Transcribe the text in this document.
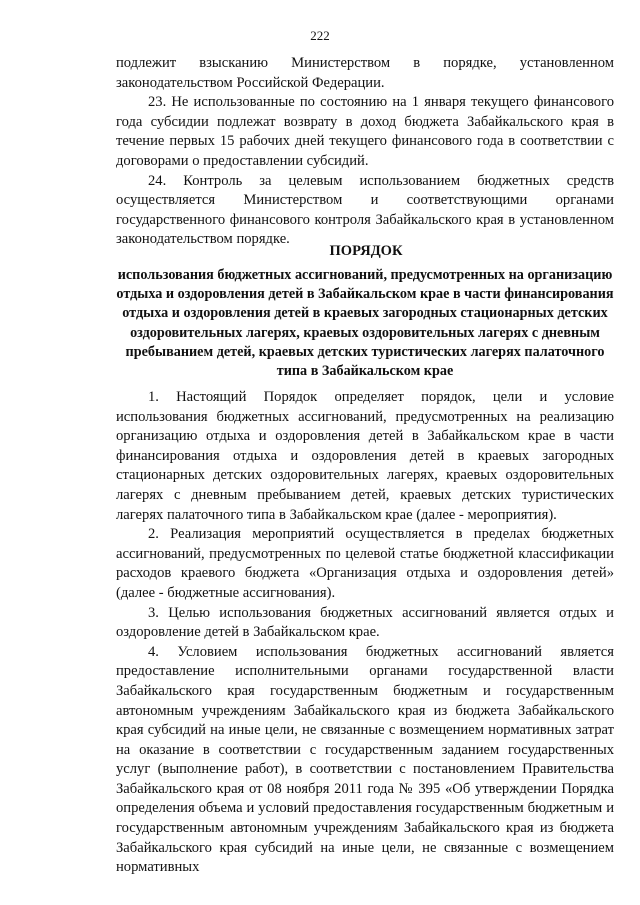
222

подлежит взысканию Министерством в порядке, установленном законодательством Российской Федерации.

23. Не использованные по состоянию на 1 января текущего финансового года субсидии подлежат возврату в доход бюджета Забайкальского края в течение первых 15 рабочих дней текущего финансового года в соответствии с договорами о предоставлении субсидий.

24. Контроль за целевым использованием бюджетных средств осуществляется Министерством и соответствующими органами государственного финансового контроля Забайкальского края в установленном законодательством порядке.

ПОРЯДОК
использования бюджетных ассигнований, предусмотренных на организацию отдыха и оздоровления детей в Забайкальском крае в части финансирования отдыха и оздоровления детей в краевых загородных стационарных детских оздоровительных лагерях, краевых оздоровительных лагерях с дневным пребыванием детей, краевых детских туристических лагерях палаточного типа в Забайкальском крае

1. Настоящий Порядок определяет порядок, цели и условие использования бюджетных ассигнований, предусмотренных на реализацию организацию отдыха и оздоровления детей в Забайкальском крае в части финансирования отдыха и оздоровления детей в краевых загородных стационарных детских оздоровительных лагерях, краевых оздоровительных лагерях с дневным пребыванием детей, краевых детских туристических лагерях палаточного типа в Забайкальском крае (далее - мероприятия).

2. Реализация мероприятий осуществляется в пределах бюджетных ассигнований, предусмотренных по целевой статье бюджетной классификации расходов краевого бюджета «Организация отдыха и оздоровления детей» (далее - бюджетные ассигнования).

3. Целью использования бюджетных ассигнований является отдых и оздоровление детей в Забайкальском крае.

4. Условием использования бюджетных ассигнований является предоставление исполнительными органами государственной власти Забайкальского края государственным бюджетным и государственным автономным учреждениям Забайкальского края из бюджета Забайкальского края субсидий на иные цели, не связанные с возмещением нормативных затрат на оказание в соответствии с государственным заданием государственных услуг (выполнение работ), в соответствии с постановлением Правительства Забайкальского края от 08 ноября 2011 года № 395 «Об утверждении Порядка определения объема и условий предоставления государственным бюджетным и государственным автономным учреждениям Забайкальского края из бюджета Забайкальского края субсидий на иные цели, не связанные с возмещением нормативных
